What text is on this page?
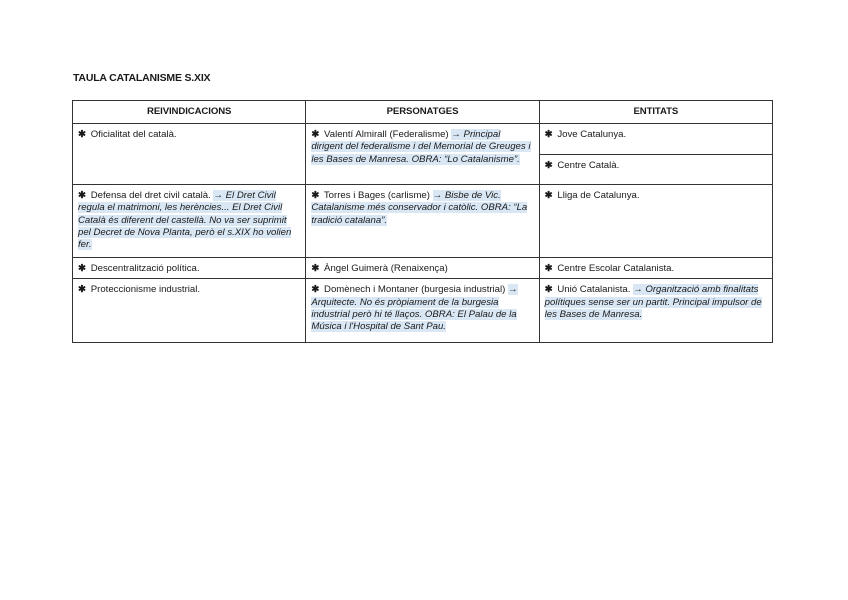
TAULA CATALANISME S.XIX
REIVINDICACIONS	PERSONATGES	ENTITATS
✱ Oficialitat del català.	✱ Valentí Almirall (Federalisme) → Principal dirigent del federalisme i del Memorial de Greuges i les Bases de Manresa. OBRA: “Lo Catalanisme”.	✱ Jove Catalunya.
		✱ Centre Català.
✱ Defensa del dret civil català. → El Dret Civil regula el matrimoni, les herències... El Dret Civil Català és diferent del castellà. No va ser suprimit pel Decret de Nova Planta, però el s.XIX ho volien fer.	✱ Torres i Bages (carlisme) → Bisbe de Vic. Catalanisme més conservador i catòlic. OBRA: “La tradició catalana”.	✱ Lliga de Catalunya.
✱ Descentralització política.	✱ Àngel Guimerà (Renaixença)	✱ Centre Escolar Catalanista.
✱ Proteccionisme industrial.	✱ Domènech i Montaner (burgesia industrial) → Arquitecte. No és pròpiament de la burgesia industrial però hi té llaços. OBRA: El Palau de la Música i l'Hospital de Sant Pau.	✱ Unió Catalanista. → Organització amb finalitats polítiques sense ser un partit. Principal impulsor de les Bases de Manresa.
